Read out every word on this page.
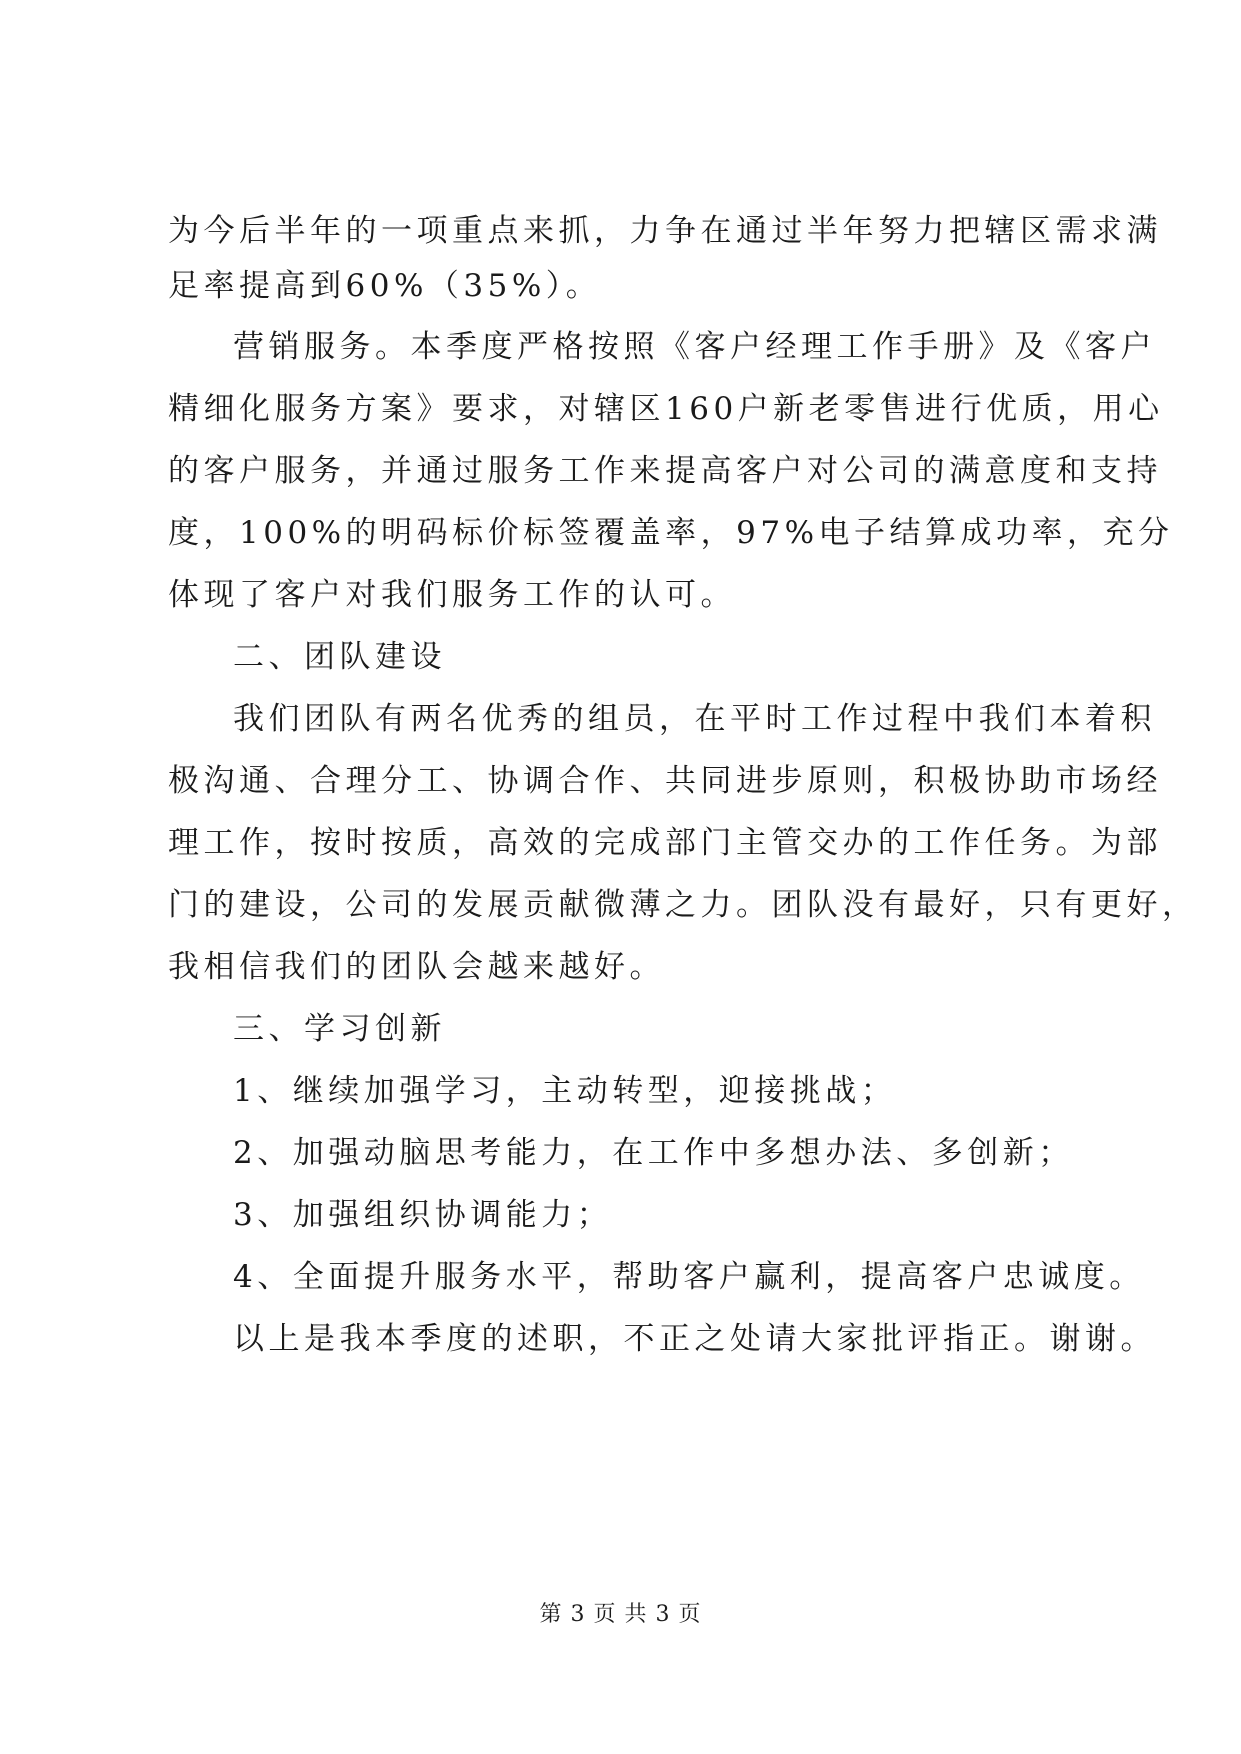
为今后半年的一项重点来抓，力争在通过半年努力把辖区需求满
足率提高到60%（35%）。
营销服务。本季度严格按照《客户经理工作手册》及《客户
精细化服务方案》要求，对辖区160户新老零售进行优质，用心
的客户服务，并通过服务工作来提高客户对公司的满意度和支持
度，100%的明码标价标签覆盖率，97%电子结算成功率，充分
体现了客户对我们服务工作的认可。
二、团队建设
我们团队有两名优秀的组员，在平时工作过程中我们本着积
极沟通、合理分工、协调合作、共同进步原则，积极协助市场经
理工作，按时按质，高效的完成部门主管交办的工作任务。为部
门的建设，公司的发展贡献微薄之力。团队没有最好，只有更好，
我相信我们的团队会越来越好。
三、学习创新
1、继续加强学习，主动转型，迎接挑战；
2、加强动脑思考能力，在工作中多想办法、多创新；
3、加强组织协调能力；
4、全面提升服务水平，帮助客户赢利，提高客户忠诚度。
以上是我本季度的述职，不正之处请大家批评指正。谢谢。
第 3 页 共 3 页
